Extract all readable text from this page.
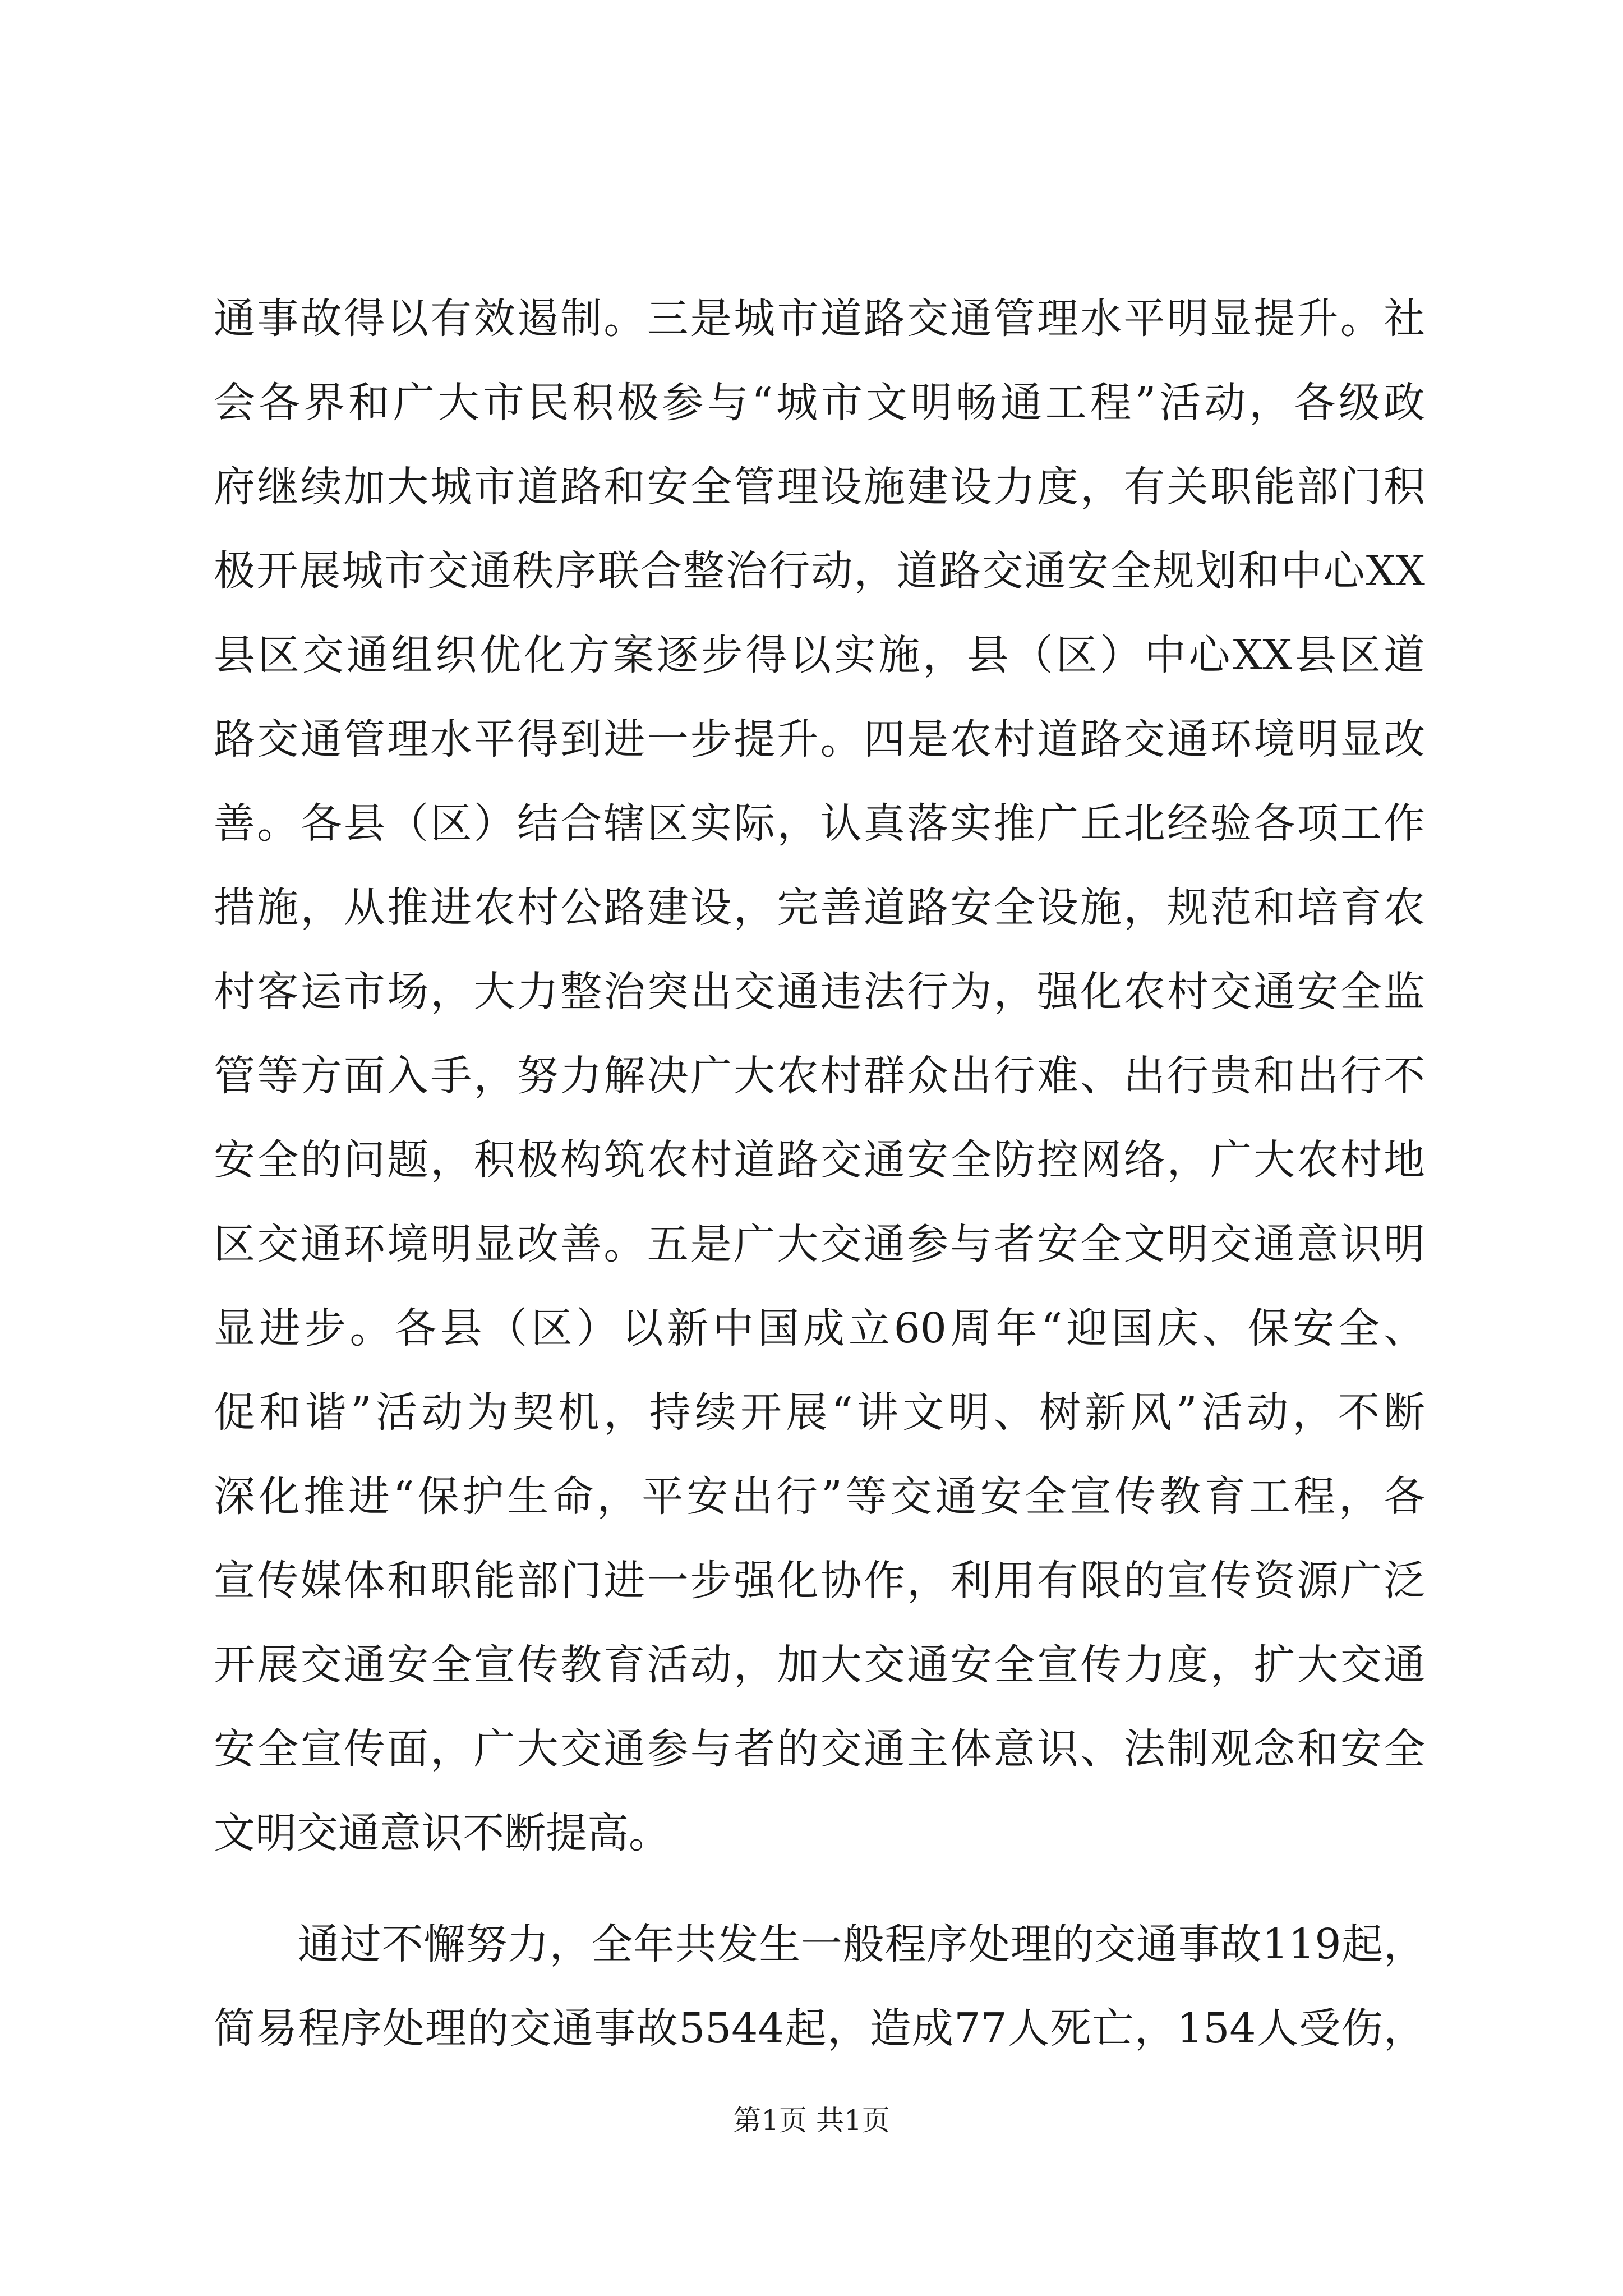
通事故得以有效遏制。三是城市道路交通管理水平明显提升。社
会各界和广大市民积极参与“城市文明畅通工程”活动，各级政
府继续加大城市道路和安全管理设施建设力度，有关职能部门积
极开展城市交通秩序联合整治行动，道路交通安全规划和中心XX
县区交通组织优化方案逐步得以实施，县（区）中心XX县区道
路交通管理水平得到进一步提升。四是农村道路交通环境明显改
善。各县（区）结合辖区实际，认真落实推广丘北经验各项工作
措施，从推进农村公路建设，完善道路安全设施，规范和培育农
村客运市场，大力整治突出交通违法行为，强化农村交通安全监
管等方面入手，努力解决广大农村群众出行难、出行贵和出行不
安全的问题，积极构筑农村道路交通安全防控网络，广大农村地
区交通环境明显改善。五是广大交通参与者安全文明交通意识明
显进步。各县（区）以新中国成立60周年“迎国庆、保安全、
促和谐”活动为契机，持续开展“讲文明、树新风”活动，不断
深化推进“保护生命，平安出行”等交通安全宣传教育工程，各
宣传媒体和职能部门进一步强化协作，利用有限的宣传资源广泛
开展交通安全宣传教育活动，加大交通安全宣传力度，扩大交通
安全宣传面，广大交通参与者的交通主体意识、法制观念和安全
文明交通意识不断提高。
通过不懈努力，全年共发生一般程序处理的交通事故119起，
简易程序处理的交通事故5544起，造成77人死亡，154人受伤，
第1页 共1页
